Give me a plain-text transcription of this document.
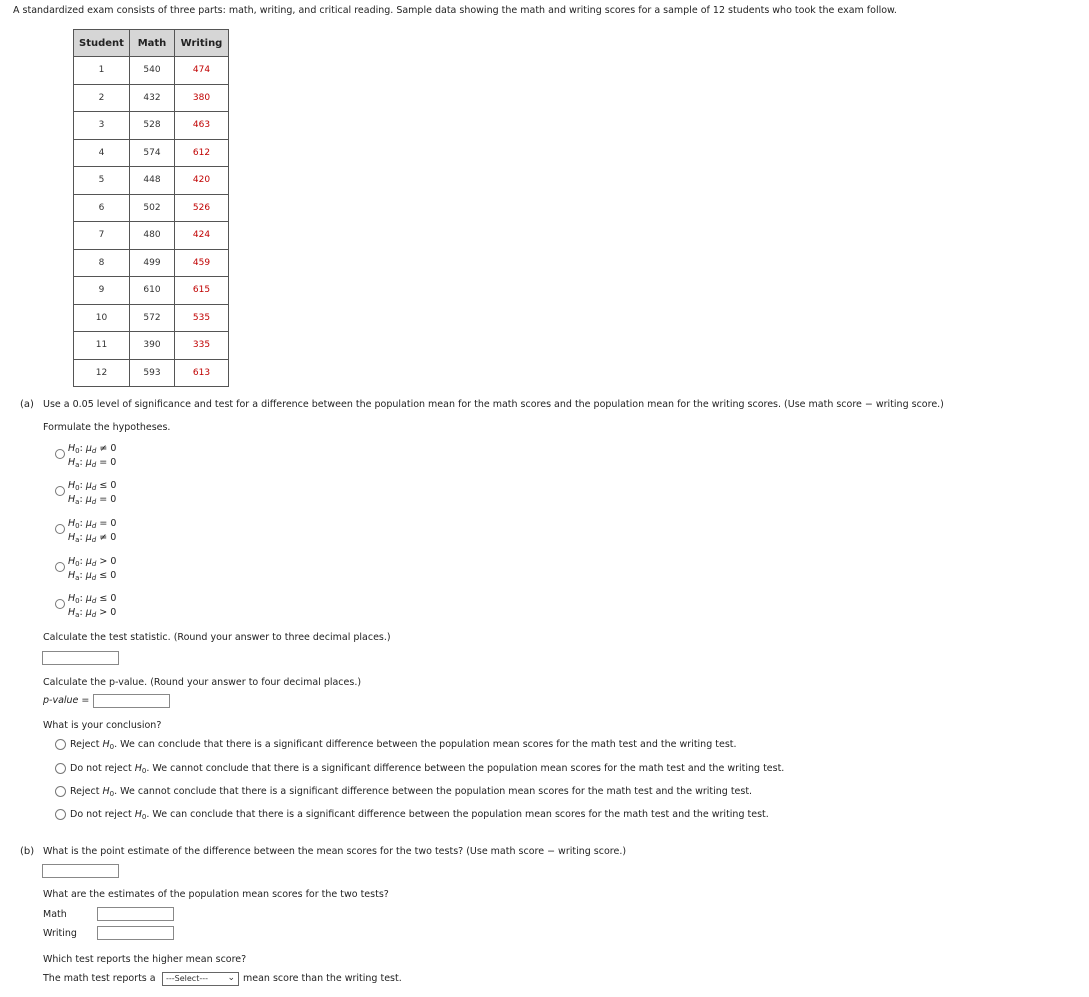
A standardized exam consists of three parts: math, writing, and critical reading. Sample data showing the math and writing scores for a sample of 12 students who took the exam follow.
Student	Math	Writing
1	540	474
2	432	380
3	528	463
4	574	612
5	448	420
6	502	526
7	480	424
8	499	459
9	610	615
10	572	535
11	390	335
12	593	613
(a) Use a 0.05 level of significance and test for a difference between the population mean for the math scores and the population mean for the writing scores. (Use math score − writing score.)
Formulate the hypotheses.
$H_0$: $\mu_d \ne 0$
$H_a$: $\mu_d = 0$
$H_0$: $\mu_d \le 0$
$H_a$: $\mu_d = 0$
$H_0$: $\mu_d = 0$
$H_a$: $\mu_d \ne 0$
$H_0$: $\mu_d > 0$
$H_a$: $\mu_d \le 0$
$H_0$: $\mu_d \le 0$
$H_a$: $\mu_d > 0$
Calculate the test statistic. (Round your answer to three decimal places.)
Calculate the p-value. (Round your answer to four decimal places.)
p-value =
What is your conclusion?
Reject $H_0$. We can conclude that there is a significant difference between the population mean scores for the math test and the writing test.
Do not reject $H_0$. We cannot conclude that there is a significant difference between the population mean scores for the math test and the writing test.
Reject $H_0$. We cannot conclude that there is a significant difference between the population mean scores for the math test and the writing test.
Do not reject $H_0$. We can conclude that there is a significant difference between the population mean scores for the math test and the writing test.
(b) What is the point estimate of the difference between the mean scores for the two tests? (Use math score − writing score.)
What are the estimates of the population mean scores for the two tests?
Math
Writing
Which test reports the higher mean score?
The math test reports a	---Select--- ⌄ mean score than the writing test.
